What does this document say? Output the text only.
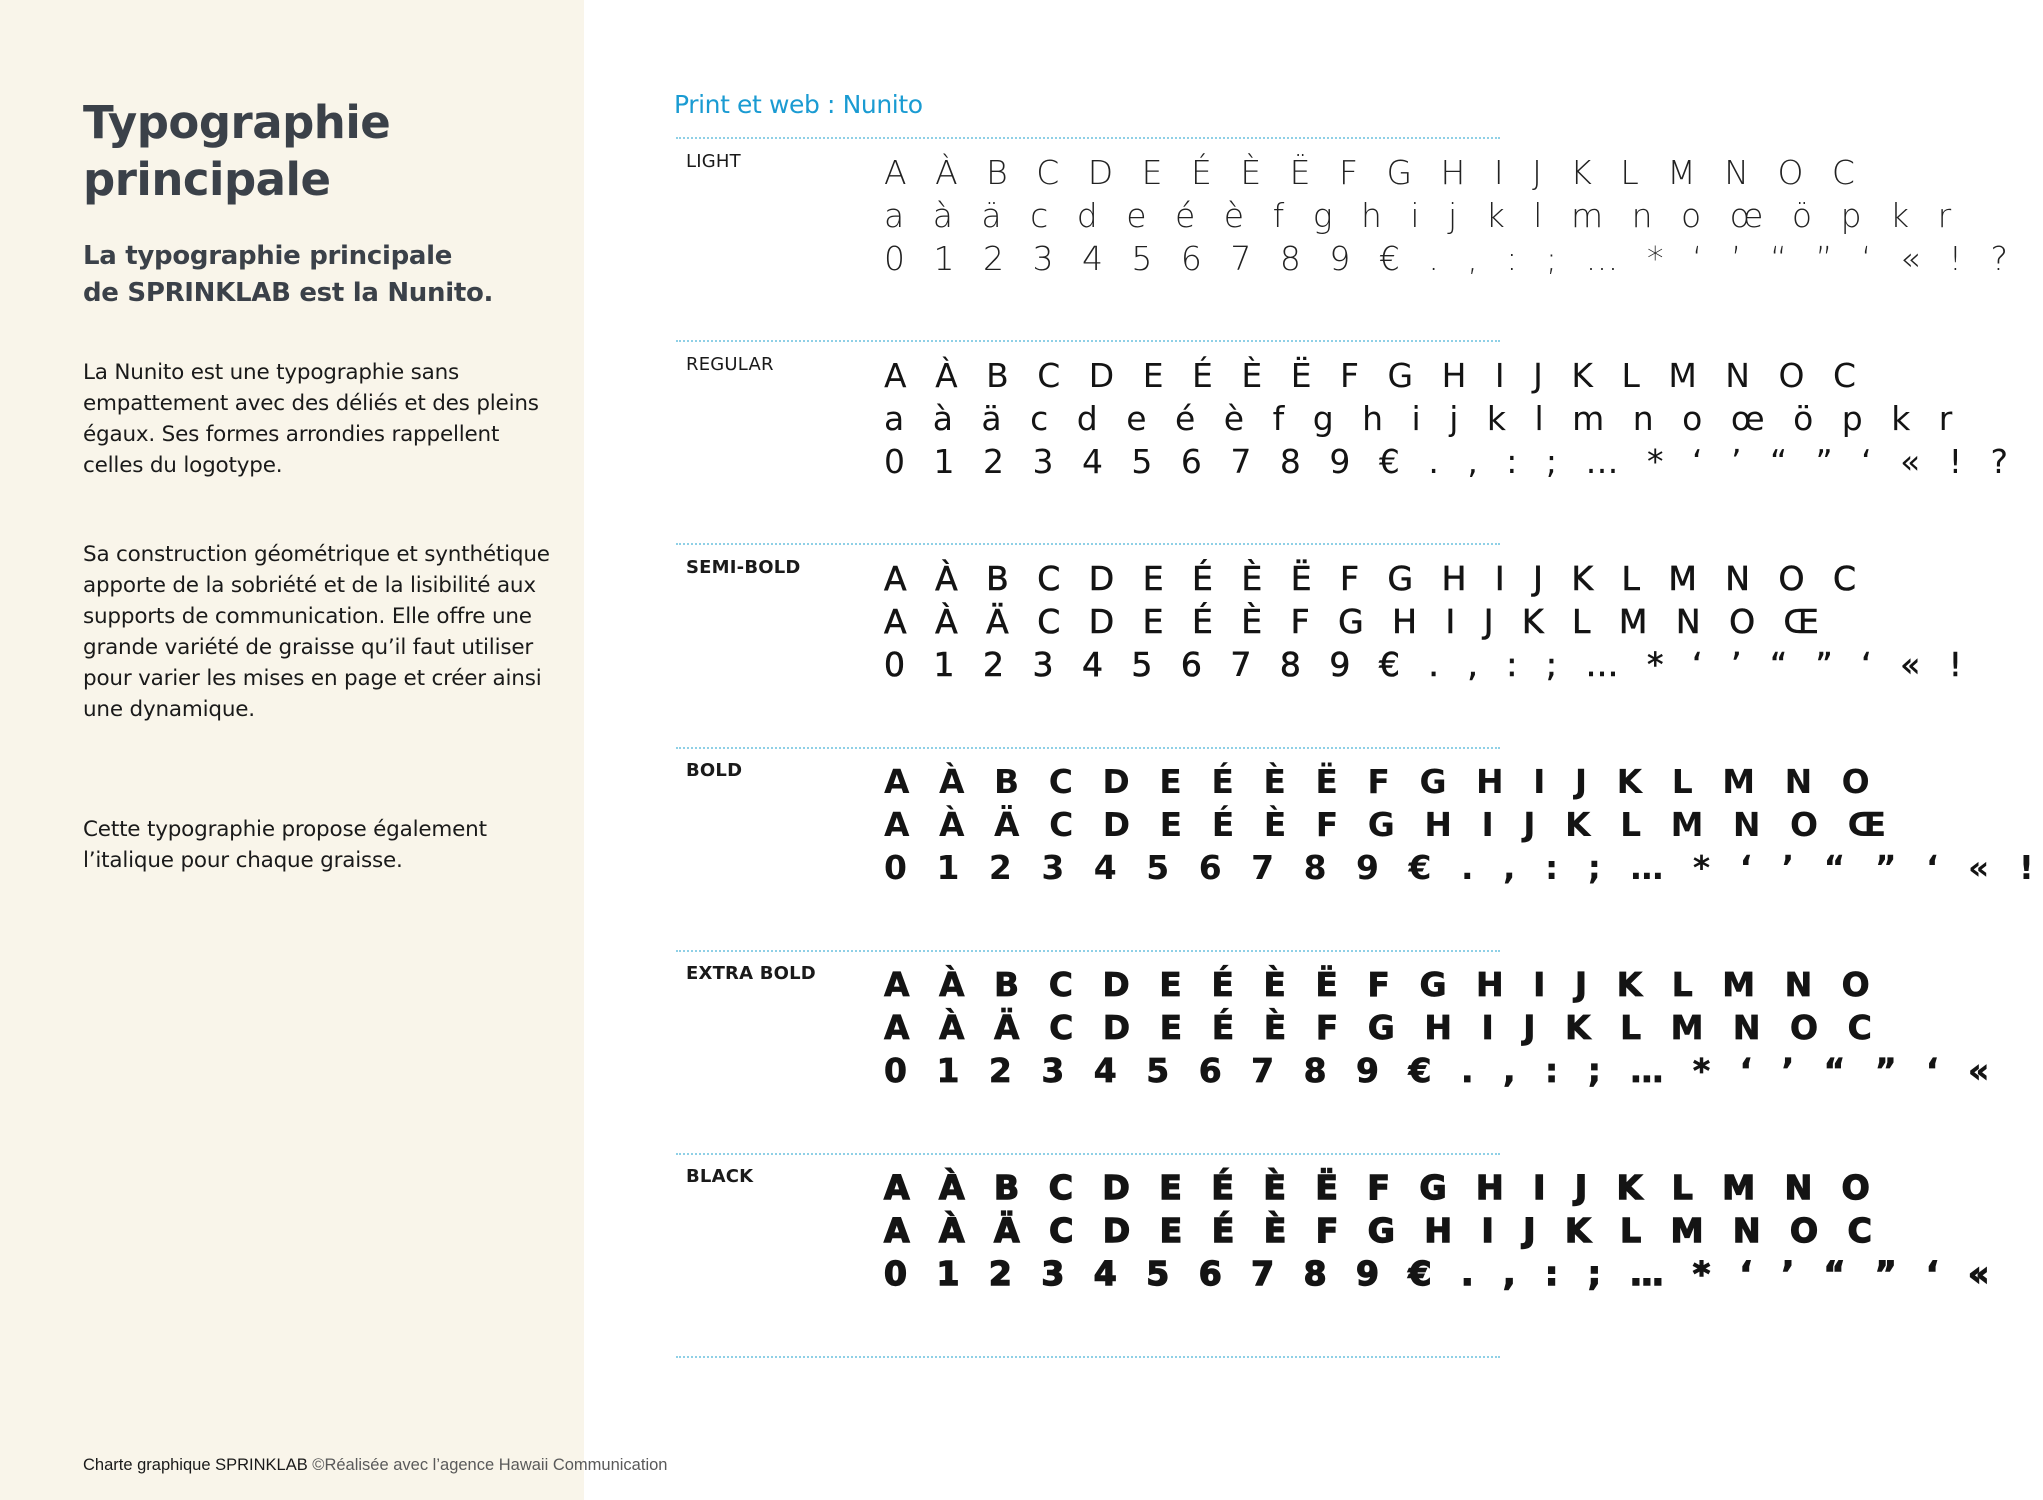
Typographie
principale

La typographie principale
de SPRINKLAB est la Nunito.

La Nunito est une typographie sans empattement avec des déliés et des pleins égaux. Ses formes arrondies rappellent celles du logotype.

Sa construction géométrique et synthétique apporte de la sobriété et de la lisibilité aux supports de communication. Elle offre une grande variété de graisse qu’il faut utiliser pour varier les mises en page et créer ainsi une dynamique.

Cette typographie propose également l’italique pour chaque graisse.

Charte graphique SPRINKLAB ©Réalisée avec l’agence Hawaii Communication
Print et web : Nunito
LIGHT	A À B C D E É È Ë F G H I J K L M N O C
a à ä c d e é è f g h i j k l m n o œ ö p k r
0 1 2 3 4 5 6 7 8 9 € . , : ; … * ‘ ’ “ ” ‘ « ! ?
REGULAR	A À B C D E É È Ë F G H I J K L M N O C
a à ä c d e é è f g h i j k l m n o œ ö p k r
0 1 2 3 4 5 6 7 8 9 € . , : ; … * ‘ ’ “ ” ‘ « ! ?
SEMI-BOLD	A À B C D E É È Ë F G H I J K L M N O C
A À Ä C D E É È F G H I J K L M N O Œ
0 1 2 3 4 5 6 7 8 9 € . , : ; … * ‘ ’ “ ” ‘ « !
BOLD	A À B C D E É È Ë F G H I J K L M N O
A À Ä C D E É È F G H I J K L M N O Œ
0 1 2 3 4 5 6 7 8 9 € . , : ; … * ‘ ’ “ ” ‘ « !
EXTRA BOLD A À B C D E É È Ë F G H I J K L M N O
A À Ä C D E É È F G H I J K L M N O C
0 1 2 3 4 5 6 7 8 9 € . , : ; … * ‘ ’ “ ” ‘ «
BLACK	A À B C D E É È Ë F G H I J K L M N O
A À Ä C D E É È F G H I J K L M N O C
0 1 2 3 4 5 6 7 8 9 € . , : ; … * ‘ ’ “ ” ‘ «
